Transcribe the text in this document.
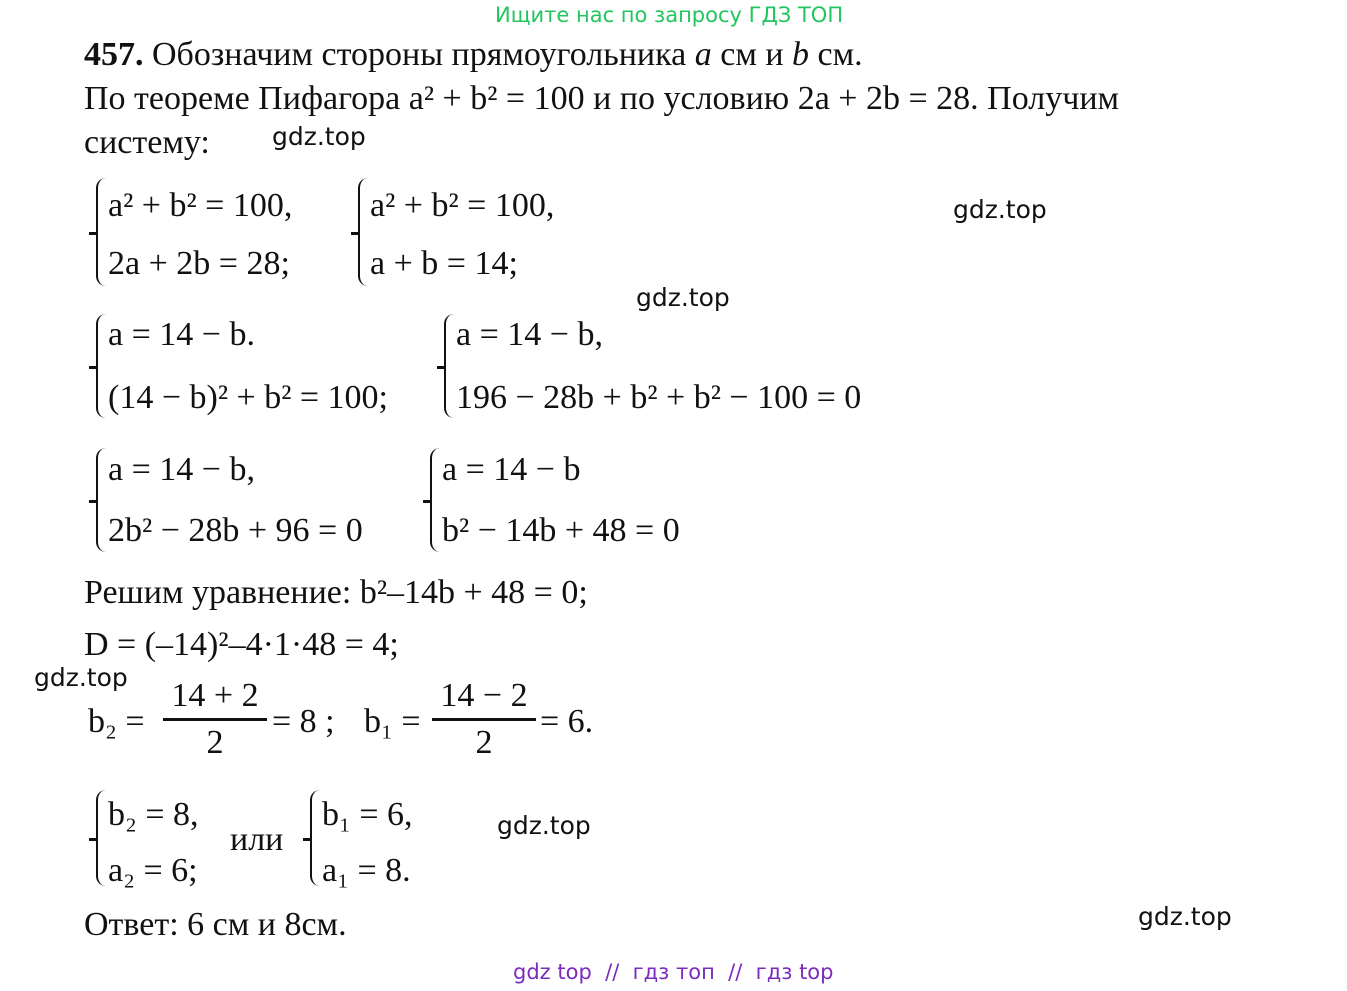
Ищите нас по запросу ГДЗ ТОП
457. Обозначим стороны прямоугольника a см и b см.
По теореме Пифагора a² + b² = 100 и по условию 2a + 2b = 28. Получим
систему: gdz.top
a² + b² = 100,
2a + 2b = 28;
a² + b² = 100,
a + b = 14;
gdz.top
gdz.top
a = 14 − b.
(14 − b)² + b² = 100;
a = 14 − b,
196 − 28b + b² + b² − 100 = 0
a = 14 − b,
2b² − 28b + 96 = 0
a = 14 − b
b² − 14b + 48 = 0
Решим уравнение: b²–14b + 48 = 0;
D = (–14)²–4·1·48 = 4;
gdz.top
b₂ =
14 + 2
2
= 8 ; b₁ =
14 − 2
2
= 6.
b₂ = 8,
a₂ = 6;
или
b₁ = 6,
a₁ = 8.
gdz.top
Ответ: 6 см и 8см.	gdz.top
gdz top  //  гдз топ  //  гдз top
